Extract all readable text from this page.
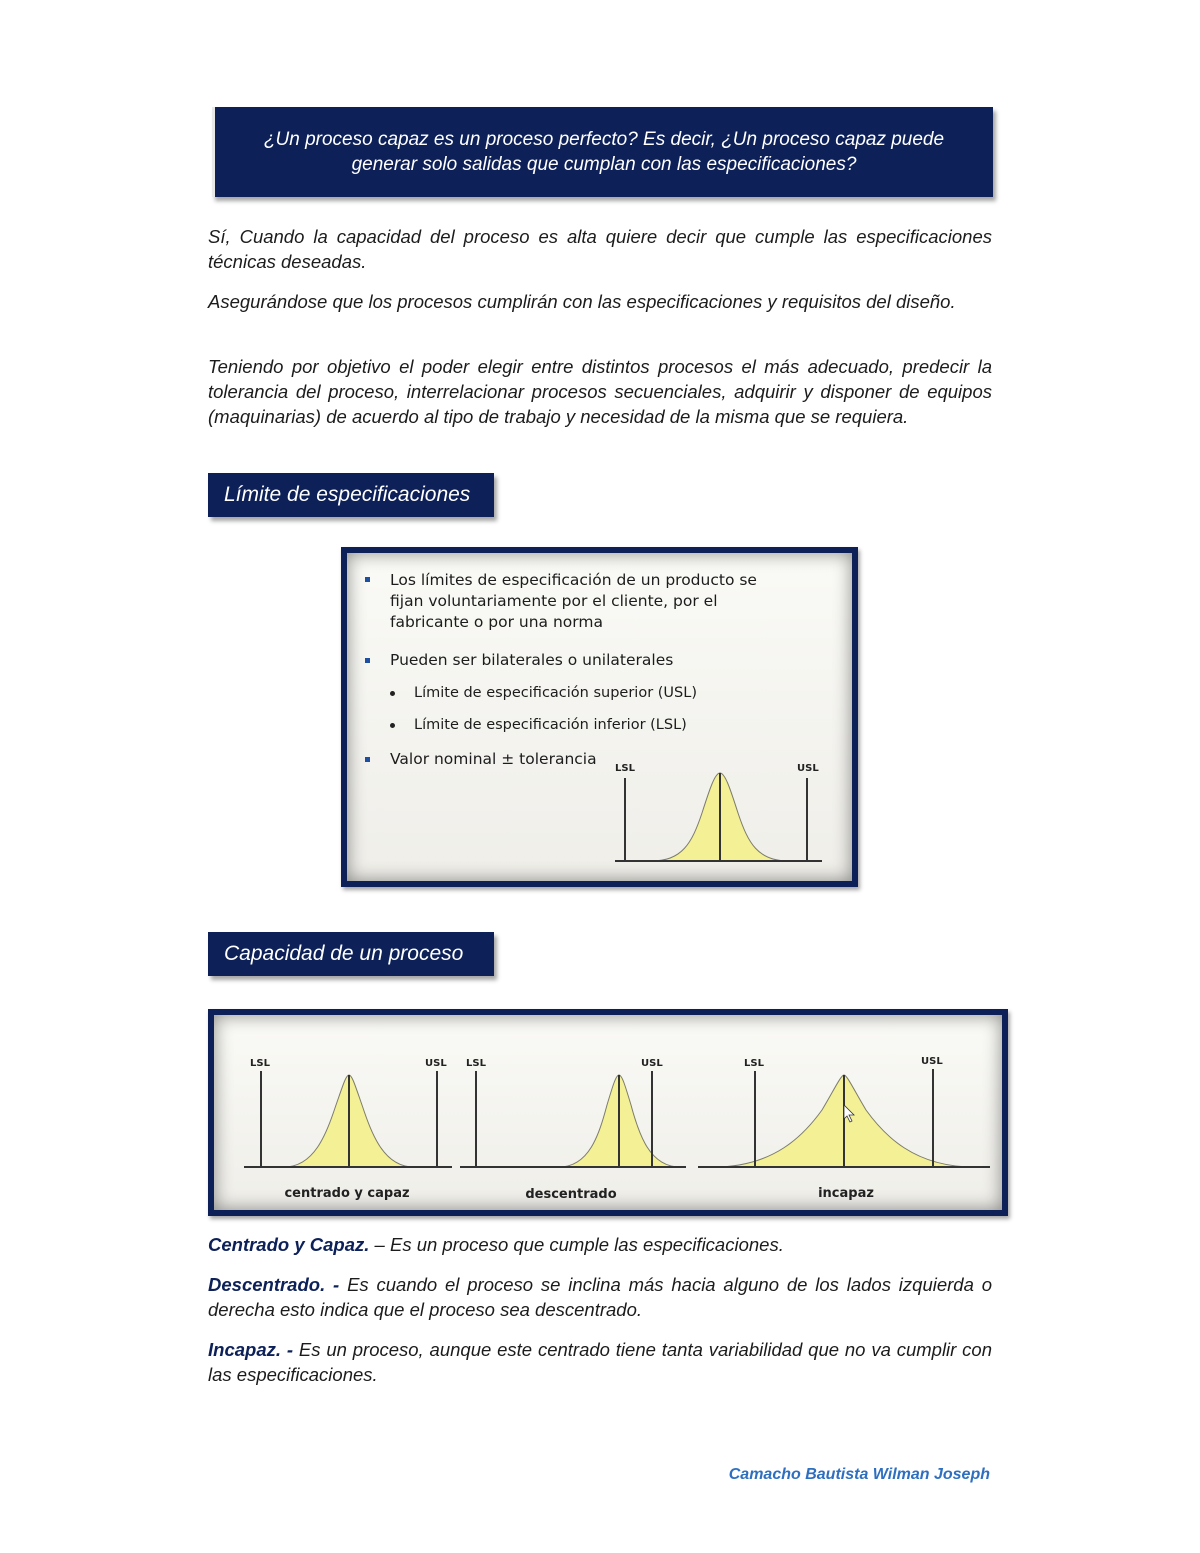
¿Un proceso capaz es un proceso perfecto? Es decir, ¿Un proceso capaz puede generar solo salidas que cumplan con las especificaciones?

Sí, Cuando la capacidad del proceso es alta quiere decir que cumple las especificaciones técnicas deseadas.

Asegurándose que los procesos cumplirán con las especificaciones y requisitos del diseño.

Teniendo por objetivo el poder elegir entre distintos procesos el más adecuado, predecir la tolerancia del proceso, interrelacionar procesos secuenciales, adquirir y disponer de equipos (maquinarias) de acuerdo al tipo de trabajo y necesidad de la misma que se requiera.

Límite de especificaciones
Los límites de especificación de un producto se fijan voluntariamente por el cliente, por el fabricante o por una norma
Pueden ser bilaterales o unilaterales
Límite de especificación superior (USL)
Límite de especificación inferior (LSL)
Valor nominal ± tolerancia
LSL	USL
Capacidad de un proceso
LSL	USL
centrado y capaz
LSL	USL
descentrado
LSL	USL
incapaz

Centrado y Capaz. – Es un proceso que cumple las especificaciones.

Descentrado. - Es cuando el proceso se inclina más hacia alguno de los lados izquierda o derecha esto indica que el proceso sea descentrado.

Incapaz. - Es un proceso, aunque este centrado tiene tanta variabilidad que no va cumplir con las especificaciones.

Camacho Bautista Wilman Joseph
